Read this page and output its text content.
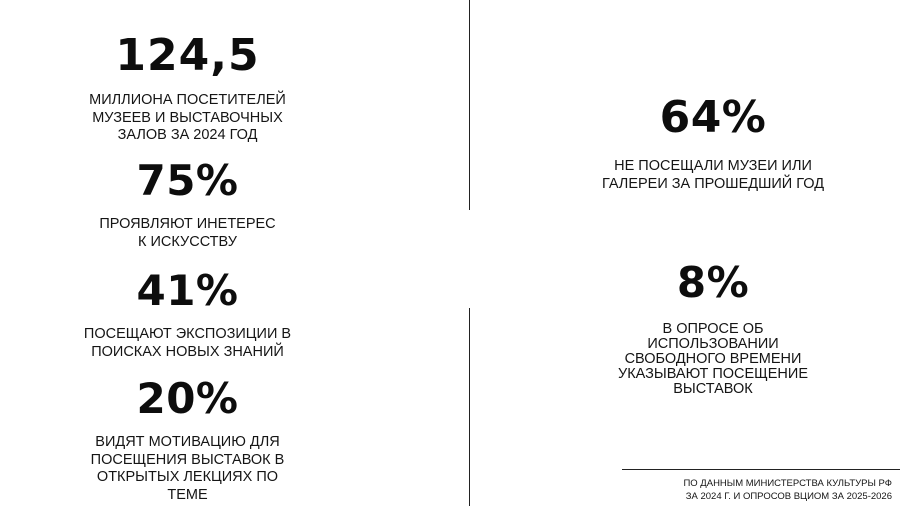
124,5
МИЛЛИОНА ПОСЕТИТЕЛЕЙ
МУЗЕЕВ И ВЫСТАВОЧНЫХ
ЗАЛОВ ЗА 2024 ГОД
75%
ПРОЯВЛЯЮТ ИНЕТЕРЕС
К ИСКУССТВУ
41%
ПОСЕЩАЮТ ЭКСПОЗИЦИИ В
ПОИСКАХ НОВЫХ ЗНАНИЙ
20%
ВИДЯТ МОТИВАЦИЮ ДЛЯ
ПОСЕЩЕНИЯ ВЫСТАВОК В
ОТКРЫТЫХ ЛЕКЦИЯХ ПО ТЕМЕ
64%
НЕ ПОСЕЩАЛИ МУЗЕИ ИЛИ
ГАЛЕРЕИ ЗА ПРОШЕДШИЙ ГОД
8%
В ОПРОСЕ ОБ
ИСПОЛЬЗОВАНИИ
СВОБОДНОГО ВРЕМЕНИ
УКАЗЫВАЮТ ПОСЕЩЕНИЕ
ВЫСТАВОК
ПО ДАННЫМ МИНИСТЕРСТВА КУЛЬТУРЫ РФ
ЗА 2024 Г. И ОПРОСОВ ВЦИОМ ЗА 2025-2026
